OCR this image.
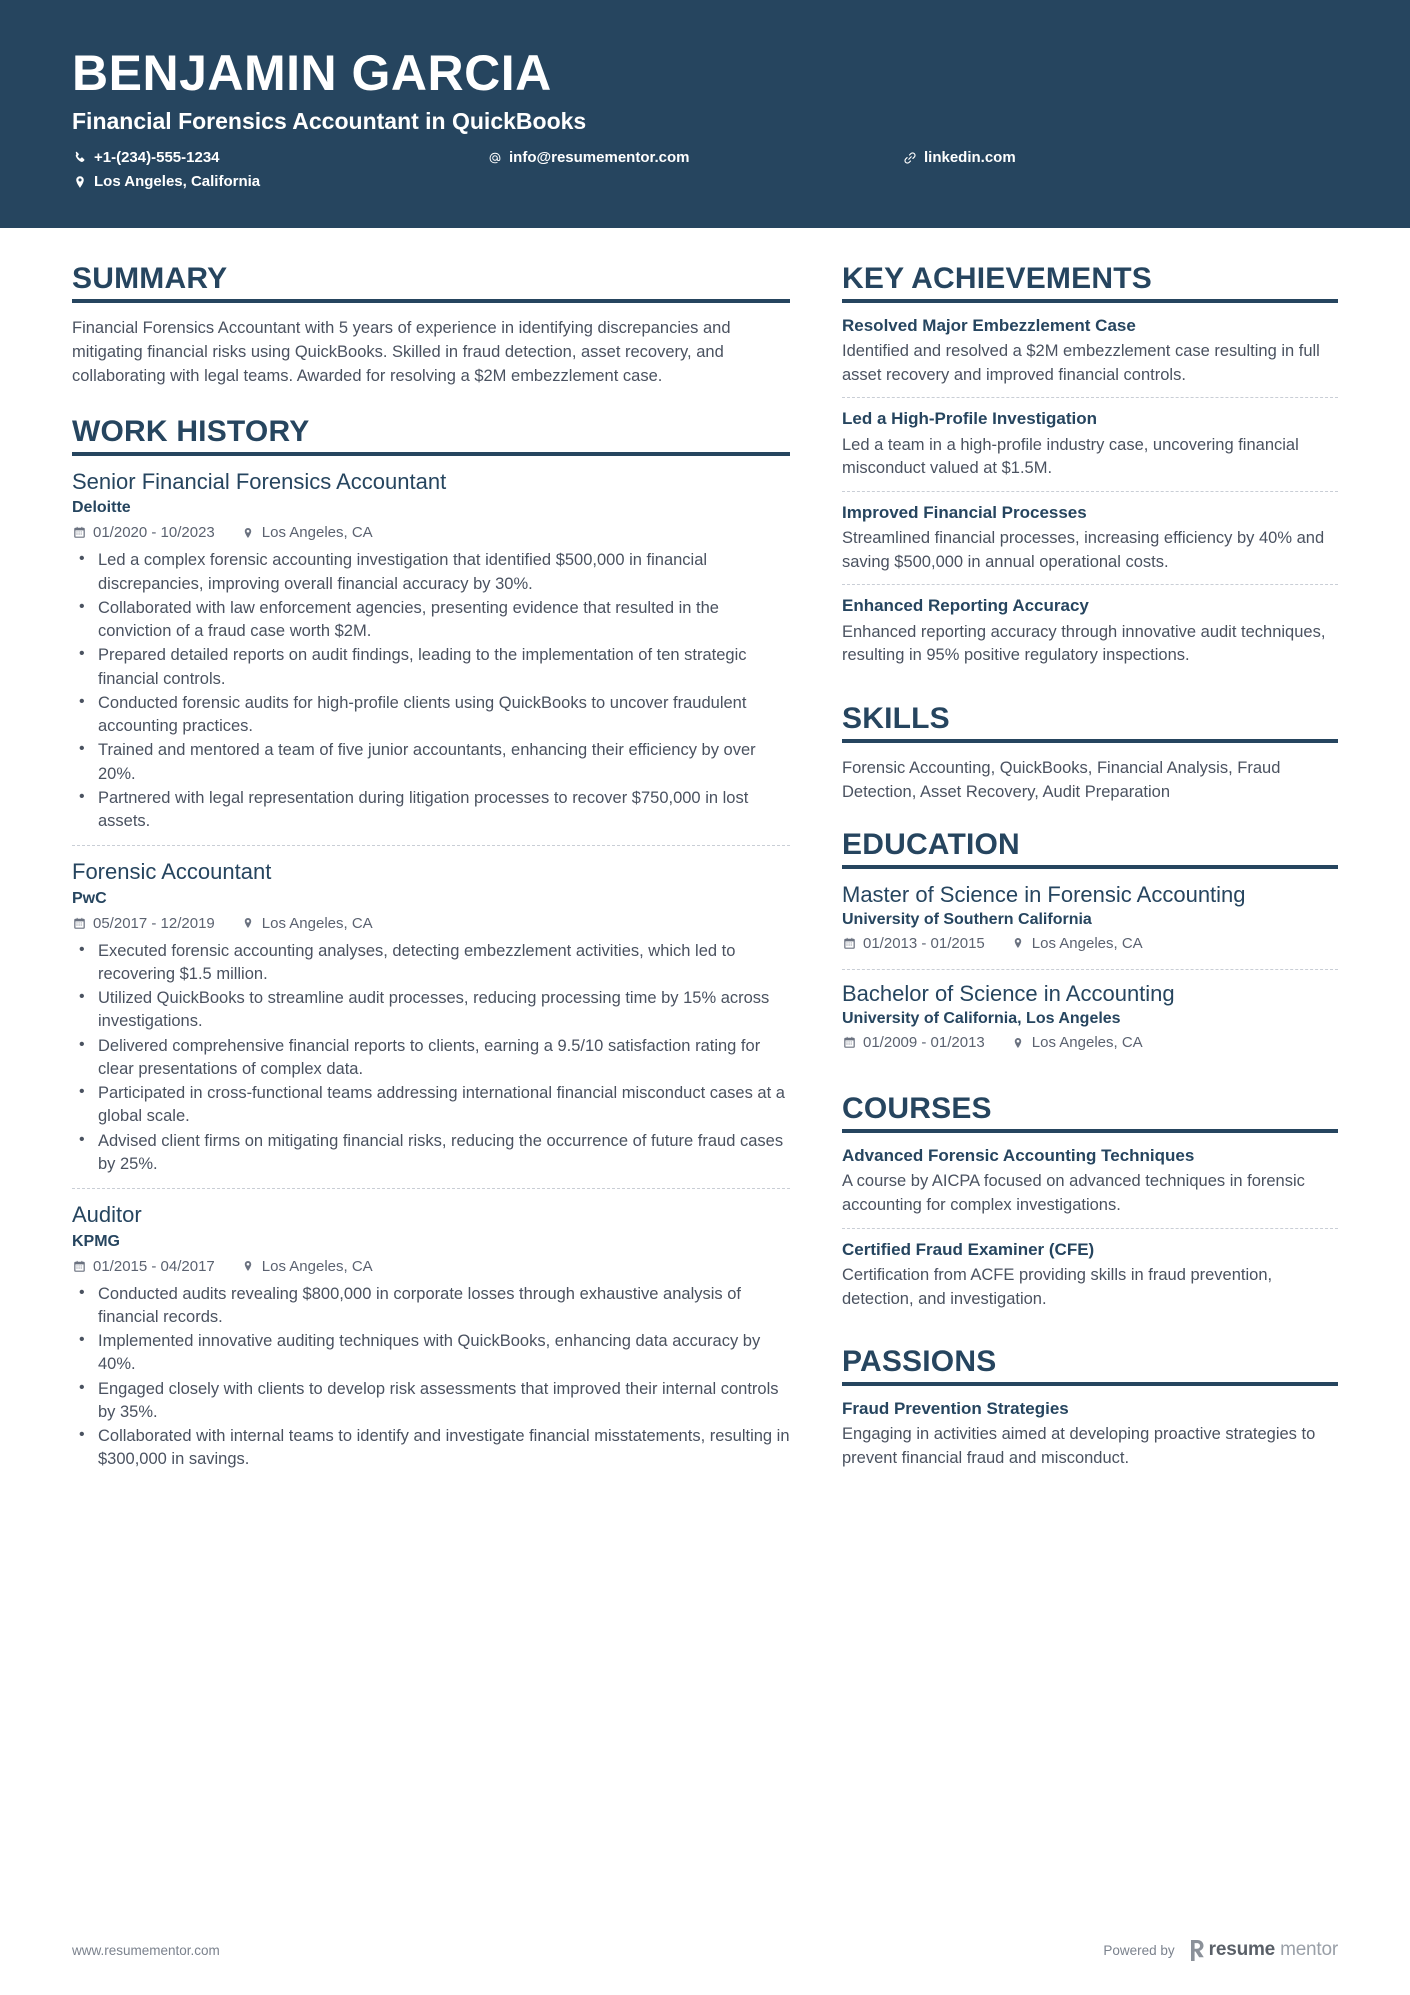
BENJAMIN GARCIA
Financial Forensics Accountant in QuickBooks
+1-(234)-555-1234	info@resumementor.com	linkedin.com
Los Angeles, California
SUMMARY

Financial Forensics Accountant with 5 years of experience in identifying discrepancies and mitigating financial risks using QuickBooks. Skilled in fraud detection, asset recovery, and collaborating with legal teams. Awarded for resolving a $2M embezzlement case.

WORK HISTORY
Senior Financial Forensics Accountant
Deloitte
01/2020 - 10/2023	Los Angeles, CA
• Led a complex forensic accounting investigation that identified $500,000 in financial discrepancies, improving overall financial accuracy by 30%.
• Collaborated with law enforcement agencies, presenting evidence that resulted in the conviction of a fraud case worth $2M.
• Prepared detailed reports on audit findings, leading to the implementation of ten strategic financial controls.
• Conducted forensic audits for high-profile clients using QuickBooks to uncover fraudulent accounting practices.
• Trained and mentored a team of five junior accountants, enhancing their efficiency by over 20%.
• Partnered with legal representation during litigation processes to recover $750,000 in lost assets.
Forensic Accountant
PwC
05/2017 - 12/2019	Los Angeles, CA
• Executed forensic accounting analyses, detecting embezzlement activities, which led to recovering $1.5 million.
• Utilized QuickBooks to streamline audit processes, reducing processing time by 15% across investigations.
• Delivered comprehensive financial reports to clients, earning a 9.5/10 satisfaction rating for clear presentations of complex data.
• Participated in cross-functional teams addressing international financial misconduct cases at a global scale.
• Advised client firms on mitigating financial risks, reducing the occurrence of future fraud cases by 25%.
Auditor
KPMG
01/2015 - 04/2017	Los Angeles, CA
• Conducted audits revealing $800,000 in corporate losses through exhaustive analysis of financial records.
• Implemented innovative auditing techniques with QuickBooks, enhancing data accuracy by 40%.
• Engaged closely with clients to develop risk assessments that improved their internal controls by 35%.
• Collaborated with internal teams to identify and investigate financial misstatements, resulting in $300,000 in savings.
KEY ACHIEVEMENTS
Resolved Major Embezzlement Case

Identified and resolved a $2M embezzlement case resulting in full asset recovery and improved financial controls.

Led a High-Profile Investigation

Led a team in a high-profile industry case, uncovering financial misconduct valued at $1.5M.

Improved Financial Processes

Streamlined financial processes, increasing efficiency by 40% and saving $500,000 in annual operational costs.

Enhanced Reporting Accuracy

Enhanced reporting accuracy through innovative audit techniques, resulting in 95% positive regulatory inspections.

SKILLS

Forensic Accounting, QuickBooks, Financial Analysis, Fraud Detection, Asset Recovery, Audit Preparation

EDUCATION
Master of Science in Forensic Accounting
University of Southern California
01/2013 - 01/2015	Los Angeles, CA
Bachelor of Science in Accounting
University of California, Los Angeles
01/2009 - 01/2013	Los Angeles, CA
COURSES
Advanced Forensic Accounting Techniques

A course by AICPA focused on advanced techniques in forensic accounting for complex investigations.

Certified Fraud Examiner (CFE)

Certification from ACFE providing skills in fraud prevention, detection, and investigation.

PASSIONS
Fraud Prevention Strategies

Engaging in activities aimed at developing proactive strategies to prevent financial fraud and misconduct.

www.resumementor.com	Powered by resume mentor
